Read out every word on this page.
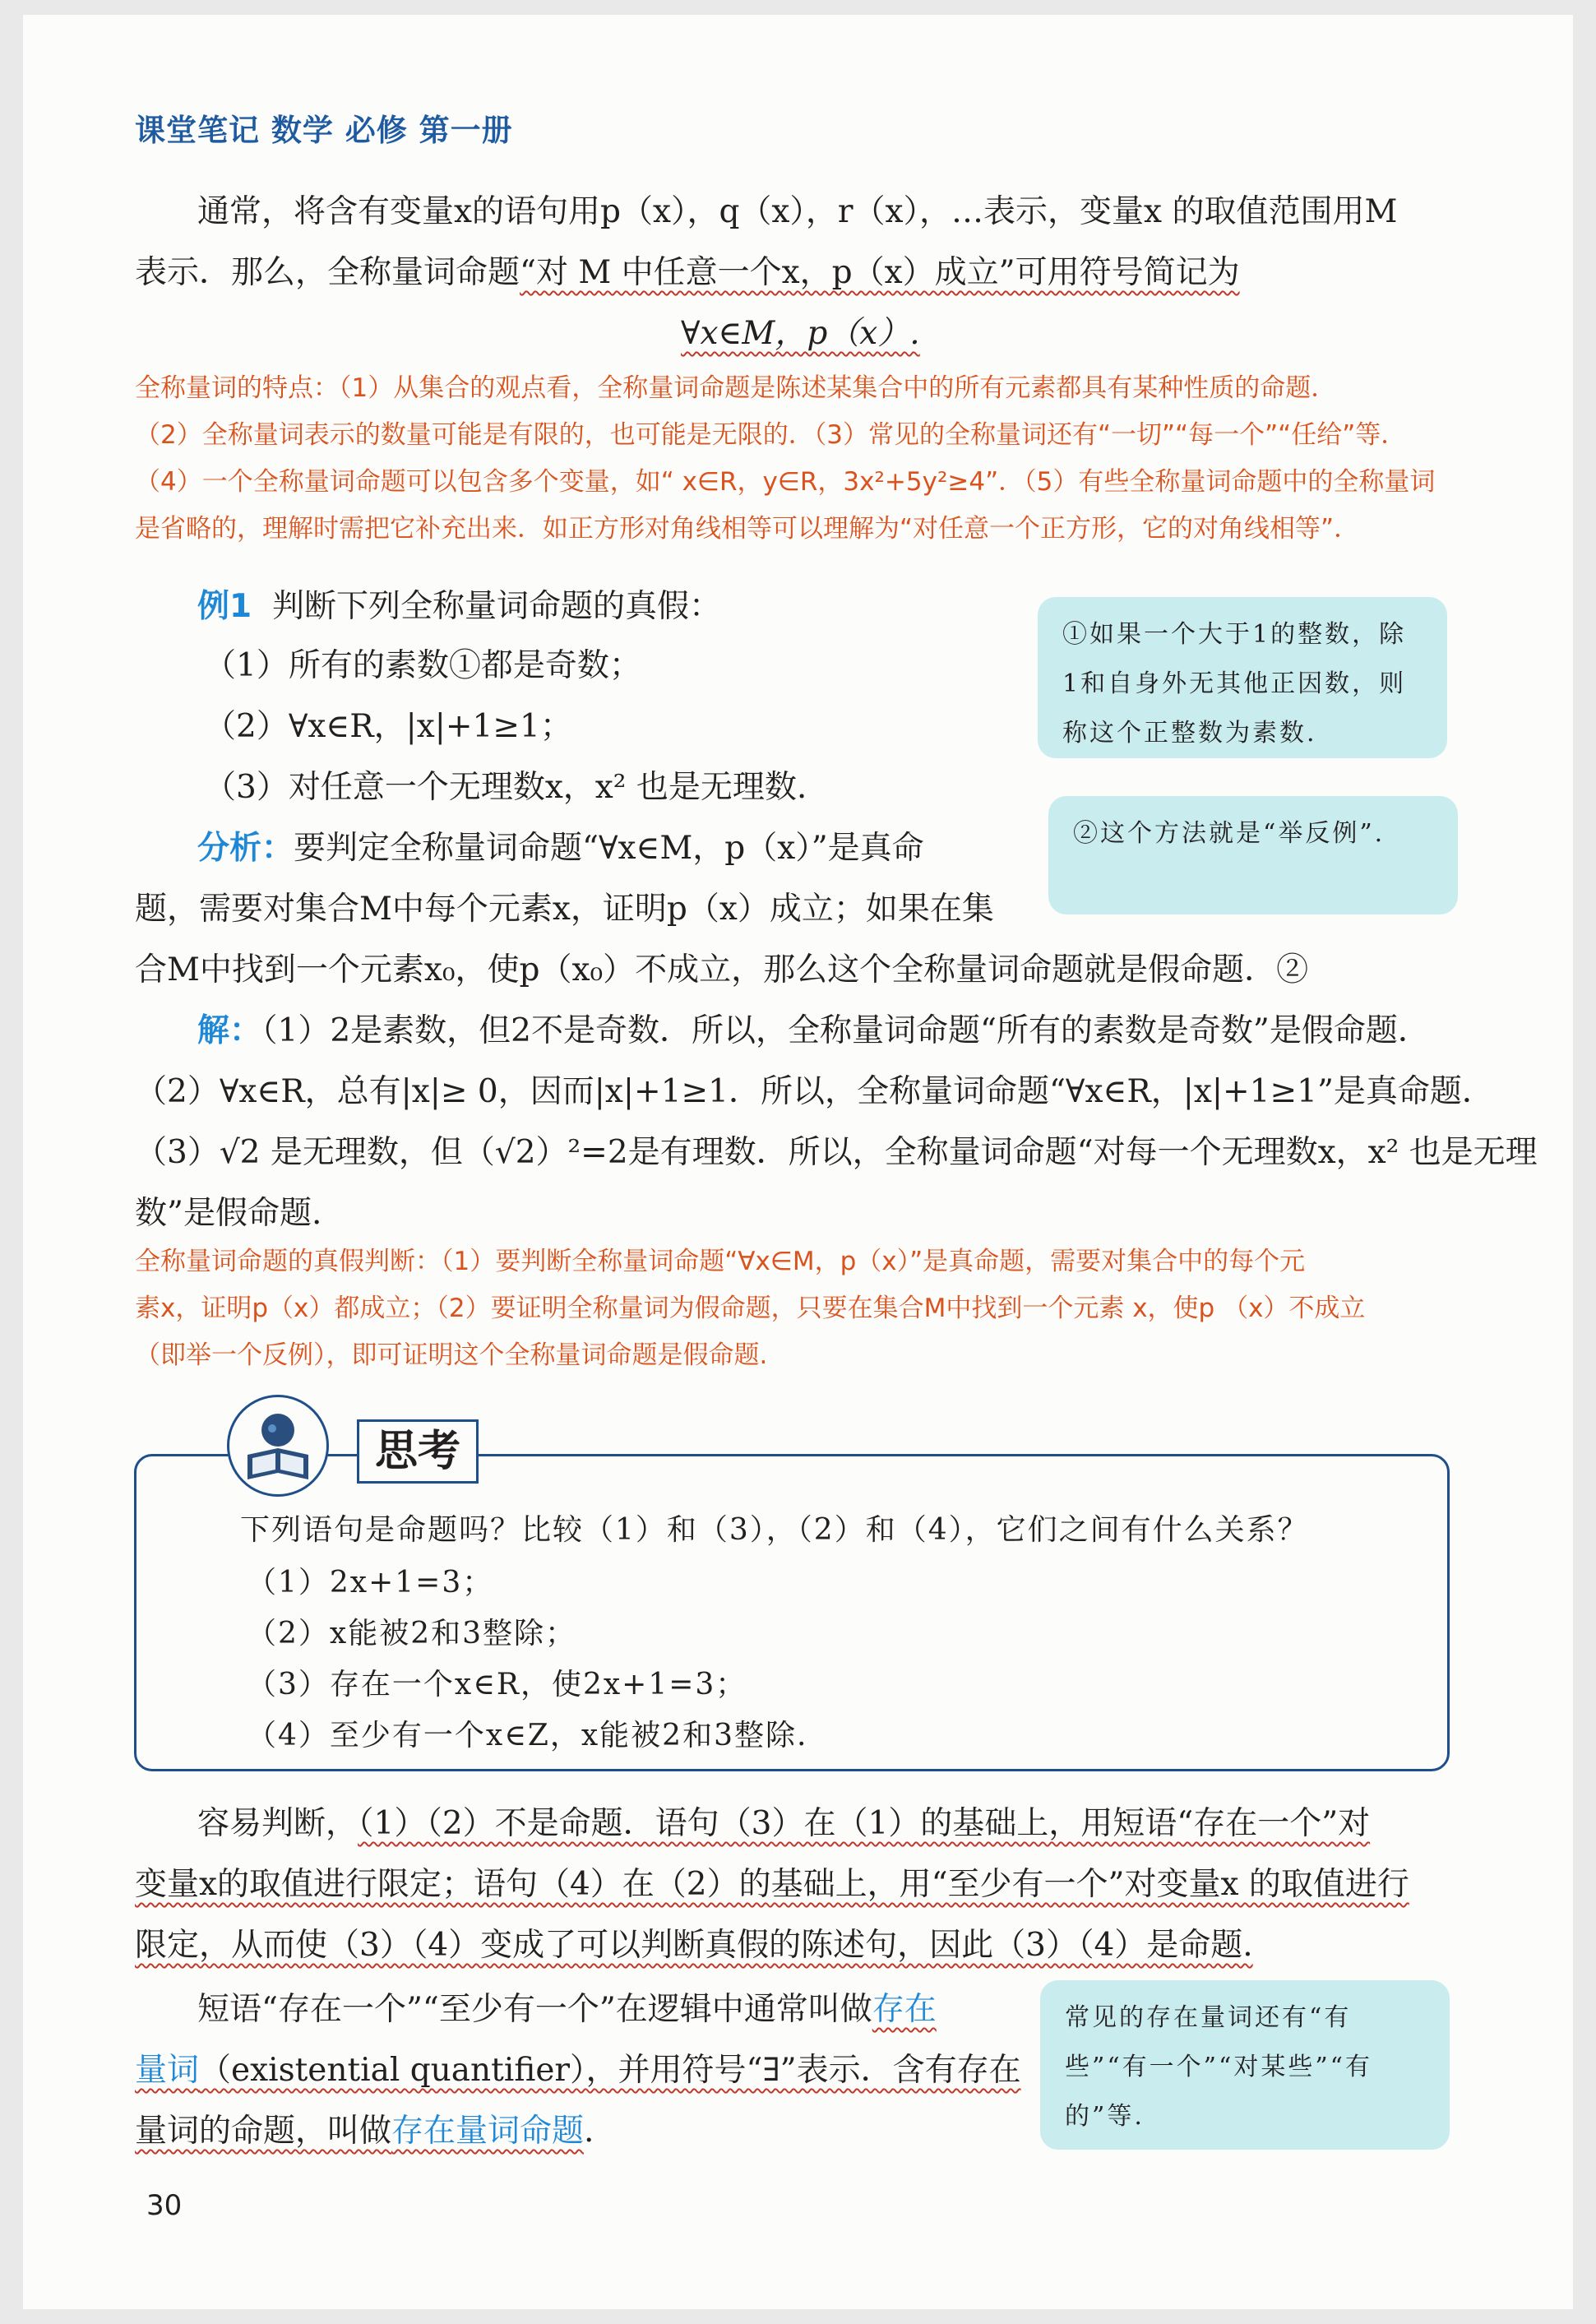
课堂笔记 数学 必修 第一册
通常，将含有变量x的语句用p（x），q（x），r（x），…表示，变量x 的取值范围用M
表示．那么，全称量词命题“对 M 中任意一个x，p（x）成立”可用符号简记为
∀x∈M，p（x）.
全称量词的特点：（1）从集合的观点看，全称量词命题是陈述某集合中的所有元素都具有某种性质的命题．
（2）全称量词表示的数量可能是有限的，也可能是无限的．（3）常见的全称量词还有“一切”“每一个”“任给”等．
（4）一个全称量词命题可以包含多个变量，如“ x∈R，y∈R，3x²+5y²≥4”．（5）有些全称量词命题中的全称量词
是省略的，理解时需把它补充出来．如正方形对角线相等可以理解为“对任意一个正方形，它的对角线相等”．
例1 判断下列全称量词命题的真假：
（1）所有的素数①都是奇数；
（2）∀x∈R，|x|+1≥1；
（3）对任意一个无理数x，x² 也是无理数.
①如果一个大于1的整数，除1和自身外无其他正因数，则称这个正整数为素数.
分析：要判定全称量词命题“∀x∈M，p（x）”是真命
题，需要对集合M中每个元素x，证明p（x）成立；如果在集
合M中找到一个元素x₀，使p（x₀）不成立，那么这个全称量词命题就是假命题．②
②这个方法就是“举反例”.
解：（1）2是素数，但2不是奇数．所以，全称量词命题“所有的素数是奇数”是假命题．
（2）∀x∈R，总有|x|≥ 0，因而|x|+1≥1．所以，全称量词命题“∀x∈R，|x|+1≥1”是真命题．
（3）√2 是无理数，但（√2）²=2是有理数．所以，全称量词命题“对每一个无理数x，x² 也是无理
数”是假命题.
全称量词命题的真假判断：（1）要判断全称量词命题“∀x∈M，p（x）”是真命题，需要对集合中的每个元
素x，证明p（x）都成立；（2）要证明全称量词为假命题，只要在集合M中找到一个元素 x，使p （x）不成立
（即举一个反例），即可证明这个全称量词命题是假命题.
思考
下列语句是命题吗？比较（1）和（3），（2）和（4），它们之间有什么关系？
（1）2x+1=3；
（2）x能被2和3整除；
（3）存在一个x∈R，使2x+1=3；
（4）至少有一个x∈Z，x能被2和3整除.
容易判断，（1）（2）不是命题．语句（3）在（1）的基础上，用短语“存在一个”对
变量x的取值进行限定；语句（4）在（2）的基础上，用“至少有一个”对变量x 的取值进行
限定，从而使（3）（4）变成了可以判断真假的陈述句，因此（3）（4）是命题.
短语“存在一个”“至少有一个”在逻辑中通常叫做存在
量词（existential quantifier），并用符号“∃”表示．含有存在
量词的命题，叫做存在量词命题.
常见的存在量词还有“有些”“有一个”“对某些”“有的”等.
30
